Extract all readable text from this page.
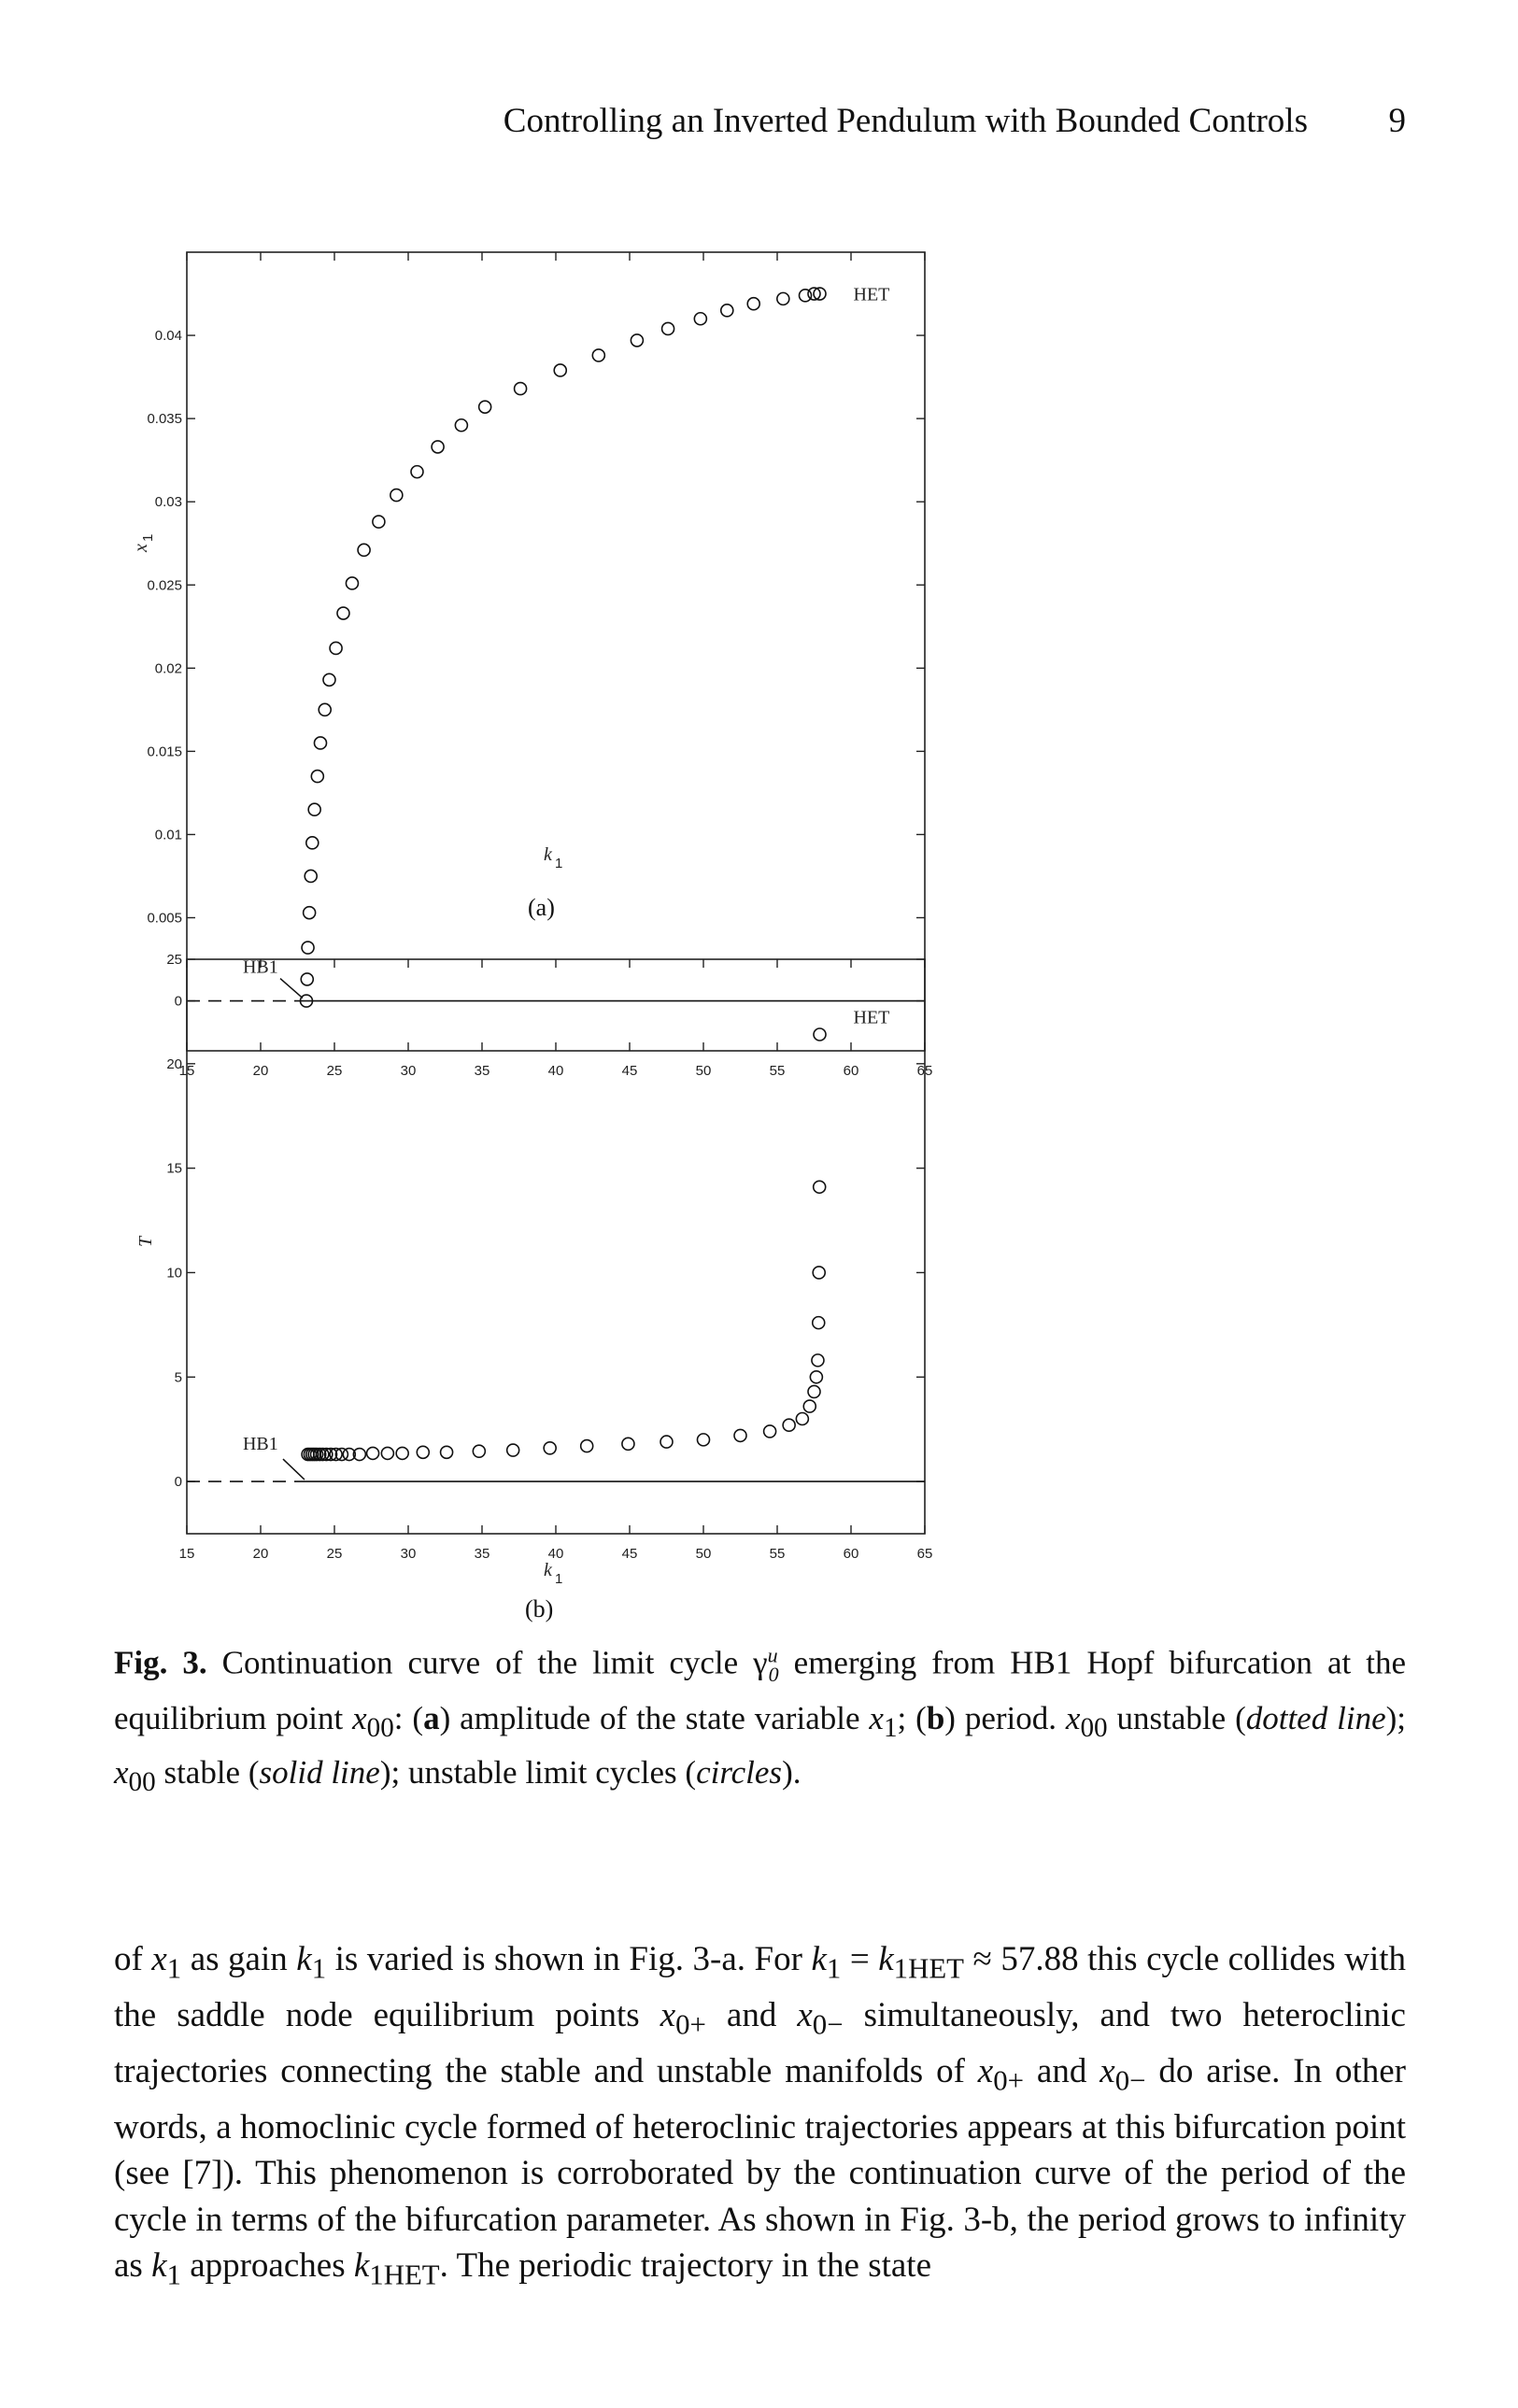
Controlling an Inverted Pendulum with Bounded Controls 9
15	20	25	30	35	40	45	50	55	60	65
0
0.005
0.01
0.015
0.02
0.025
0.03
0.035
0.04
HB1
HET
k 1
x
1
(a)
15	20	25	30	35	40	45	50	55	60	65
0
5
10
15
20
25
HB1
HET
k 1
T
(b)
Fig. 3. Continuation curve of the limit cycle $\gamma^u_0$ emerging from HB1 Hopf bifurcation at the equilibrium point $x_{00}$: (a) amplitude of the state variable $x_1$; (b) period. $x_{00}$ unstable (dotted line); $x_{00}$ stable (solid line); unstable limit cycles (circles).
of $x_1$ as gain $k_1$ is varied is shown in Fig. 3-a. For $k_1 = k_{1HET} \approx 57.88$ this cycle collides with the saddle node equilibrium points $x_{0+}$ and $x_{0-}$ simultaneously, and two heteroclinic trajectories connecting the stable and unstable manifolds of $x_{0+}$ and $x_{0-}$ do arise. In other words, a homoclinic cycle formed of heteroclinic trajectories appears at this bifurcation point (see [7]). This phenomenon is corroborated by the continuation curve of the period of the cycle in terms of the bifurcation parameter. As shown in Fig. 3-b, the period grows to infinity as $k_1$ approaches $k_{1HET}$. The periodic trajectory in the state
